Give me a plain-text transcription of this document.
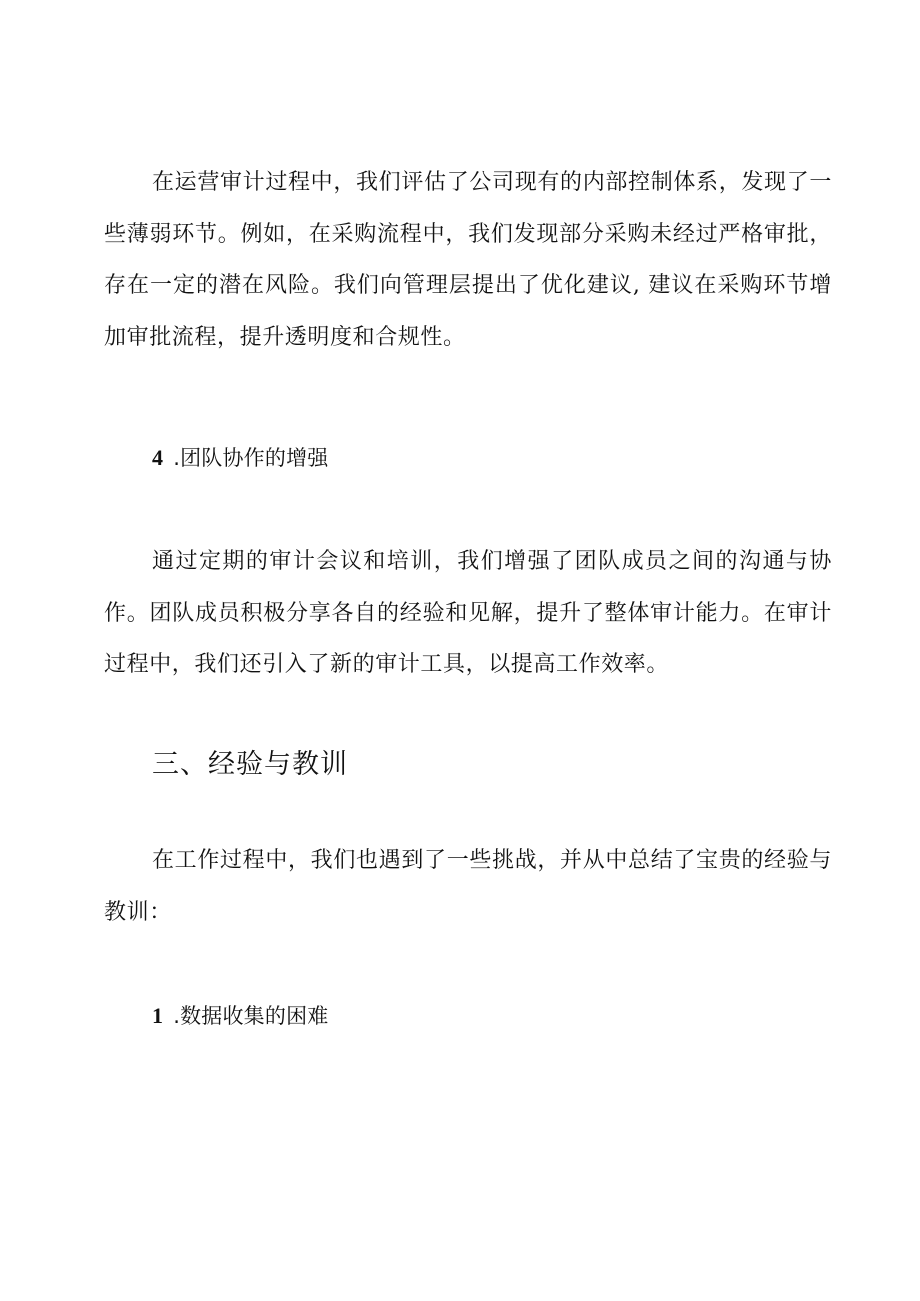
在运营审计过程中，我们评估了公司现有的内部控制体系，发现了一些薄弱环节。例如，在采购流程中，我们发现部分采购未经过严格审批，存在一定的潜在风险。我们向管理层提出了优化建议, 建议在采购环节增加审批流程，提升透明度和合规性。

4 .团队协作的增强

通过定期的审计会议和培训，我们增强了团队成员之间的沟通与协作。团队成员积极分享各自的经验和见解，提升了整体审计能力。在审计过程中，我们还引入了新的审计工具，以提高工作效率。

三、经验与教训

在工作过程中，我们也遇到了一些挑战，并从中总结了宝贵的经验与教训：

1 .数据收集的困难
